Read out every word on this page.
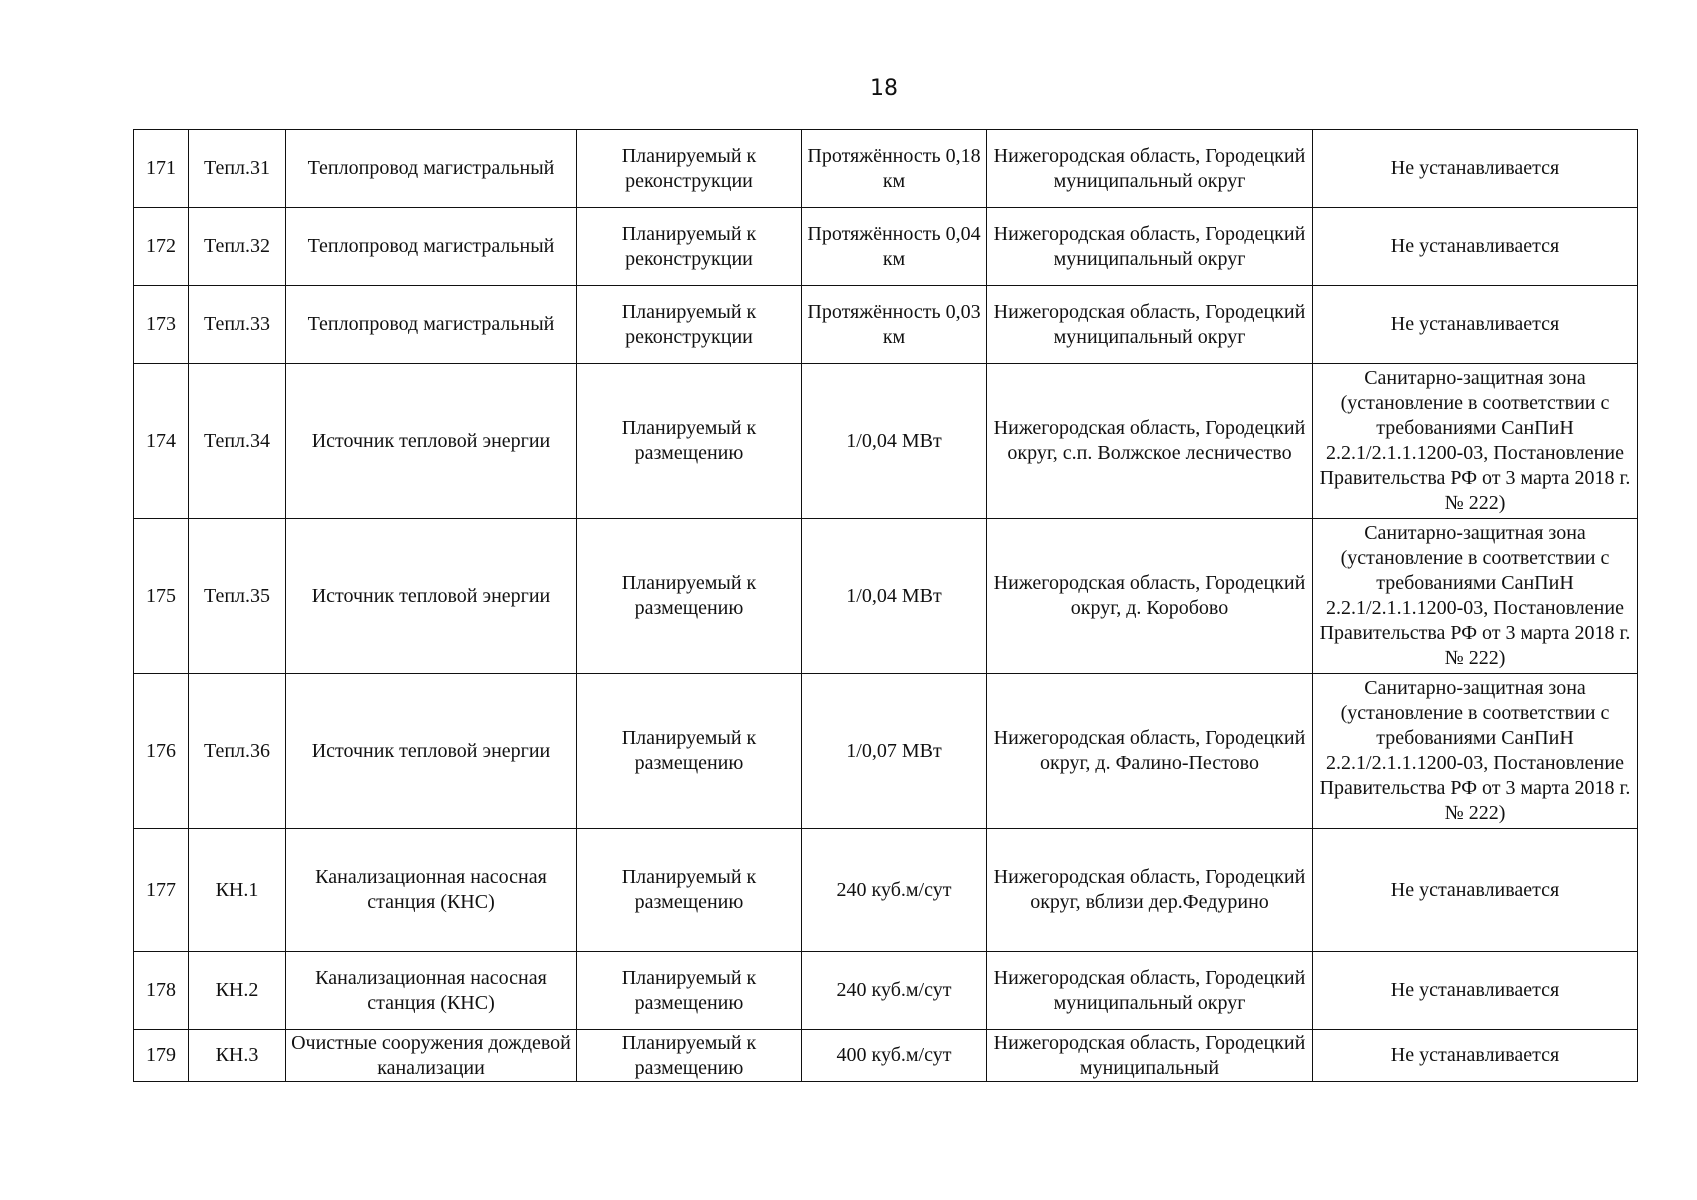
18
171	Тепл.31	Теплопровод магистральный	Планируемый к реконструкции	Протяжённость 0,18 км	Нижегородская область, Городецкий муниципальный округ	Не устанавливается
172	Тепл.32	Теплопровод магистральный	Планируемый к реконструкции	Протяжённость 0,04 км	Нижегородская область, Городецкий муниципальный округ	Не устанавливается
173	Тепл.33	Теплопровод магистральный	Планируемый к реконструкции	Протяжённость 0,03 км	Нижегородская область, Городецкий муниципальный округ	Не устанавливается
174	Тепл.34	Источник тепловой энергии	Планируемый к размещению	1/0,04 МВт	Нижегородская область, Городецкий округ, с.п. Волжское лесничество	Санитарно-защитная зона (установление в соответствии с требованиями СанПиН 2.2.1/2.1.1.1200-03, Постановление Правительства РФ от 3 марта 2018 г. № 222)
175	Тепл.35	Источник тепловой энергии	Планируемый к размещению	1/0,04 МВт	Нижегородская область, Городецкий округ, д. Коробово	Санитарно-защитная зона (установление в соответствии с требованиями СанПиН 2.2.1/2.1.1.1200-03, Постановление Правительства РФ от 3 марта 2018 г. № 222)
176	Тепл.36	Источник тепловой энергии	Планируемый к размещению	1/0,07 МВт	Нижегородская область, Городецкий округ, д. Фалино-Пестово	Санитарно-защитная зона (установление в соответствии с требованиями СанПиН 2.2.1/2.1.1.1200-03, Постановление Правительства РФ от 3 марта 2018 г. № 222)
177	КН.1	Канализационная насосная станция (КНС)	Планируемый к размещению	240 куб.м/сут	Нижегородская область, Городецкий округ, вблизи дер.Федурино	Не устанавливается
178	КН.2	Канализационная насосная станция (КНС)	Планируемый к размещению	240 куб.м/сут	Нижегородская область, Городецкий муниципальный округ	Не устанавливается
179	КН.3	Очистные сооружения дождевой канализации	Планируемый к размещению	400 куб.м/сут	Нижегородская область, Городецкий муниципальный	Не устанавливается
